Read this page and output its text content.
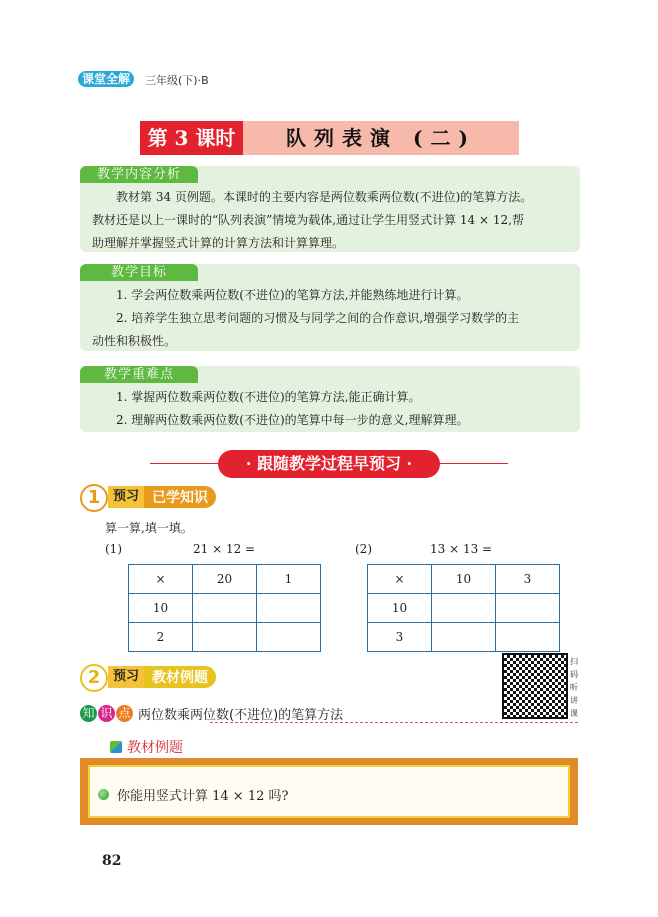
课堂全解	三年级(下)·B
第 3 课时	队列表演 (二)
　　教材第 34 页例题。本课时的主要内容是两位数乘两位数(不进位)的笔算方法。
教材还是以上一课时的“队列表演”情境为载体,通过让学生用竖式计算 14 × 12,帮
助理解并掌握竖式计算的计算方法和计算算理。
教学内容分析
　　1. 学会两位数乘两位数(不进位)的笔算方法,并能熟练地进行计算。
　　2. 培养学生独立思考问题的习惯及与同学之间的合作意识,增强学习数学的主
动性和积极性。
教学目标
　　1. 掌握两位数乘两位数(不进位)的笔算方法,能正确计算。
　　2. 理解两位数乘两位数(不进位)的笔算中每一步的意义,理解算理。
教学重难点
· 跟随教学过程早预习 ·
1 预习 已学知识
算一算,填一填。
(1)	21 × 12 =	(2)	13 × 13 =
×	20	1
10		
2		
×	10	3
10		
3		
2 预习 教材例题
扫码听讲课
知 识 点 两位数乘两位数(不进位)的笔算方法
教材例题
你能用竖式计算 14 × 12 吗?
82
